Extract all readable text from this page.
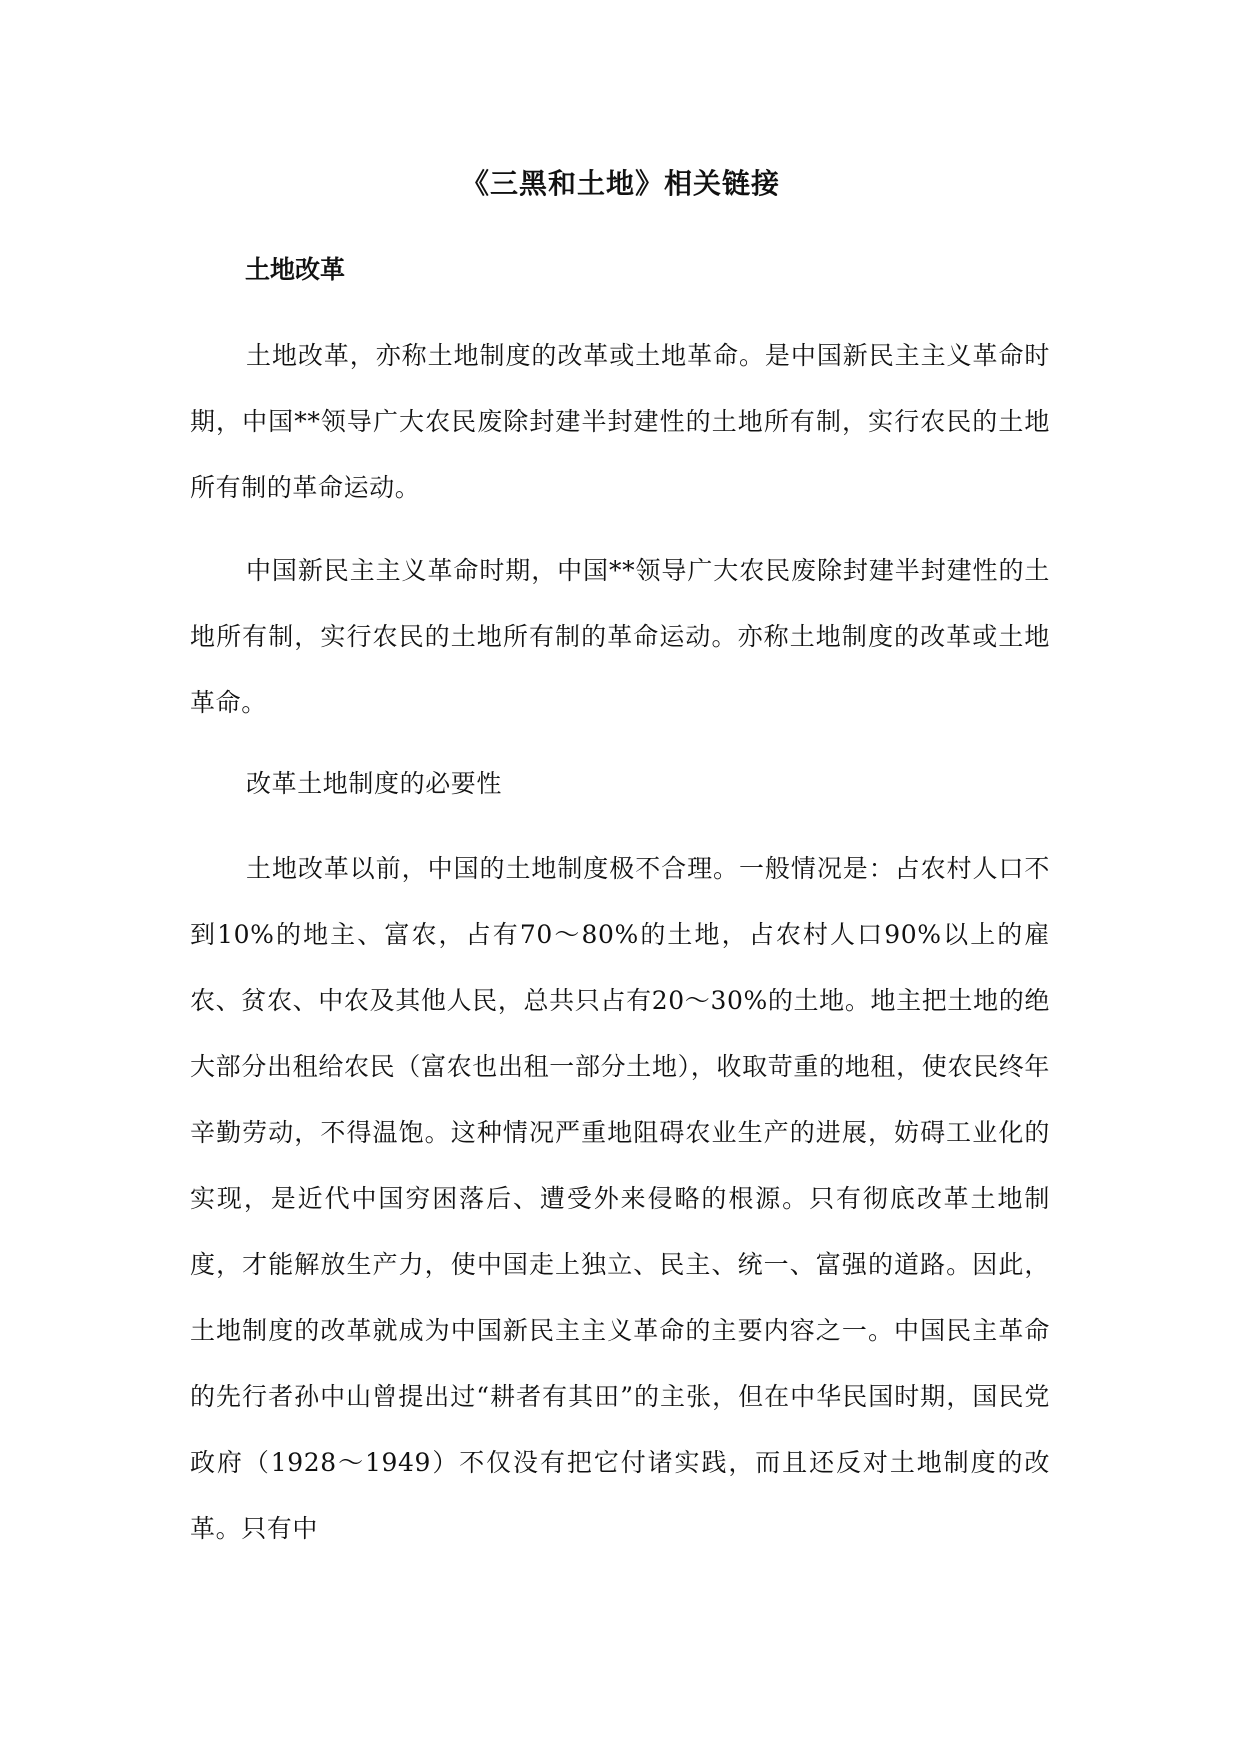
《三黑和土地》相关链接
土地改革

土地改革，亦称土地制度的改革或土地革命。是中国新民主主义革命时期，中国**领导广大农民废除封建半封建性的土地所有制，实行农民的土地所有制的革命运动。

中国新民主主义革命时期，中国**领导广大农民废除封建半封建性的土地所有制，实行农民的土地所有制的革命运动。亦称土地制度的改革或土地革命。

改革土地制度的必要性

土地改革以前，中国的土地制度极不合理。一般情况是：占农村人口不到10%的地主、富农，占有70～80%的土地，占农村人口90%以上的雇农、贫农、中农及其他人民，总共只占有20～30%的土地。地主把土地的绝大部分出租给农民（富农也出租一部分土地），收取苛重的地租，使农民终年辛勤劳动，不得温饱。这种情况严重地阻碍农业生产的进展，妨碍工业化的实现，是近代中国穷困落后、遭受外来侵略的根源。只有彻底改革土地制度，才能解放生产力，使中国走上独立、民主、统一、富强的道路。因此，土地制度的改革就成为中国新民主主义革命的主要内容之一。中国民主革命的先行者孙中山曾提出过“耕者有其田”的主张，但在中华民国时期，国民党政府（1928～1949）不仅没有把它付诸实践，而且还反对土地制度的改革。只有中
